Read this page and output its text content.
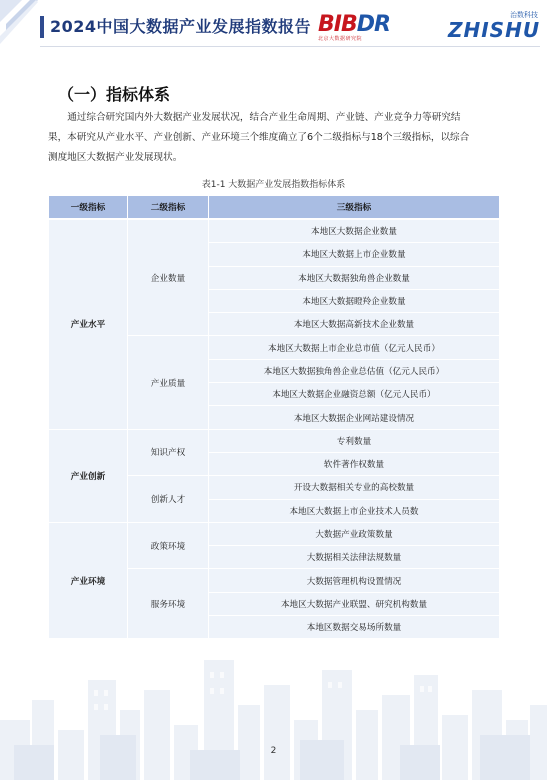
2024中国大数据产业发展指数报告 BIBDR
北京大数据研究院
治数科技
ZHISHU
（一）指标体系
通过综合研究国内外大数据产业发展状况，结合产业生命周期、产业链、产业竞争力等研究结
果，本研究从产业水平、产业创新、产业环境三个维度确立了6个二级指标与18个三级指标，以综合
测度地区大数据产业发展现状。
表1-1 大数据产业发展指数指标体系
一级指标	二级指标	三级指标
产业水平	企业数量	本地区大数据企业数量
		本地区大数据上市企业数量
		本地区大数据独角兽企业数量
		本地区大数据瞪羚企业数量
		本地区大数据高新技术企业数量
	产业质量	本地区大数据上市企业总市值（亿元人民币）
		本地区大数据独角兽企业总估值（亿元人民币）
		本地区大数据企业融资总额（亿元人民币）
		本地区大数据企业网站建设情况
产业创新	知识产权	专利数量
		软件著作权数量
	创新人才	开设大数据相关专业的高校数量
		本地区大数据上市企业技术人员数
产业环境	政策环境	大数据产业政策数量
		大数据相关法律法规数量
	服务环境	大数据管理机构设置情况
		本地区大数据产业联盟、研究机构数量
		本地区数据交易场所数量
2
